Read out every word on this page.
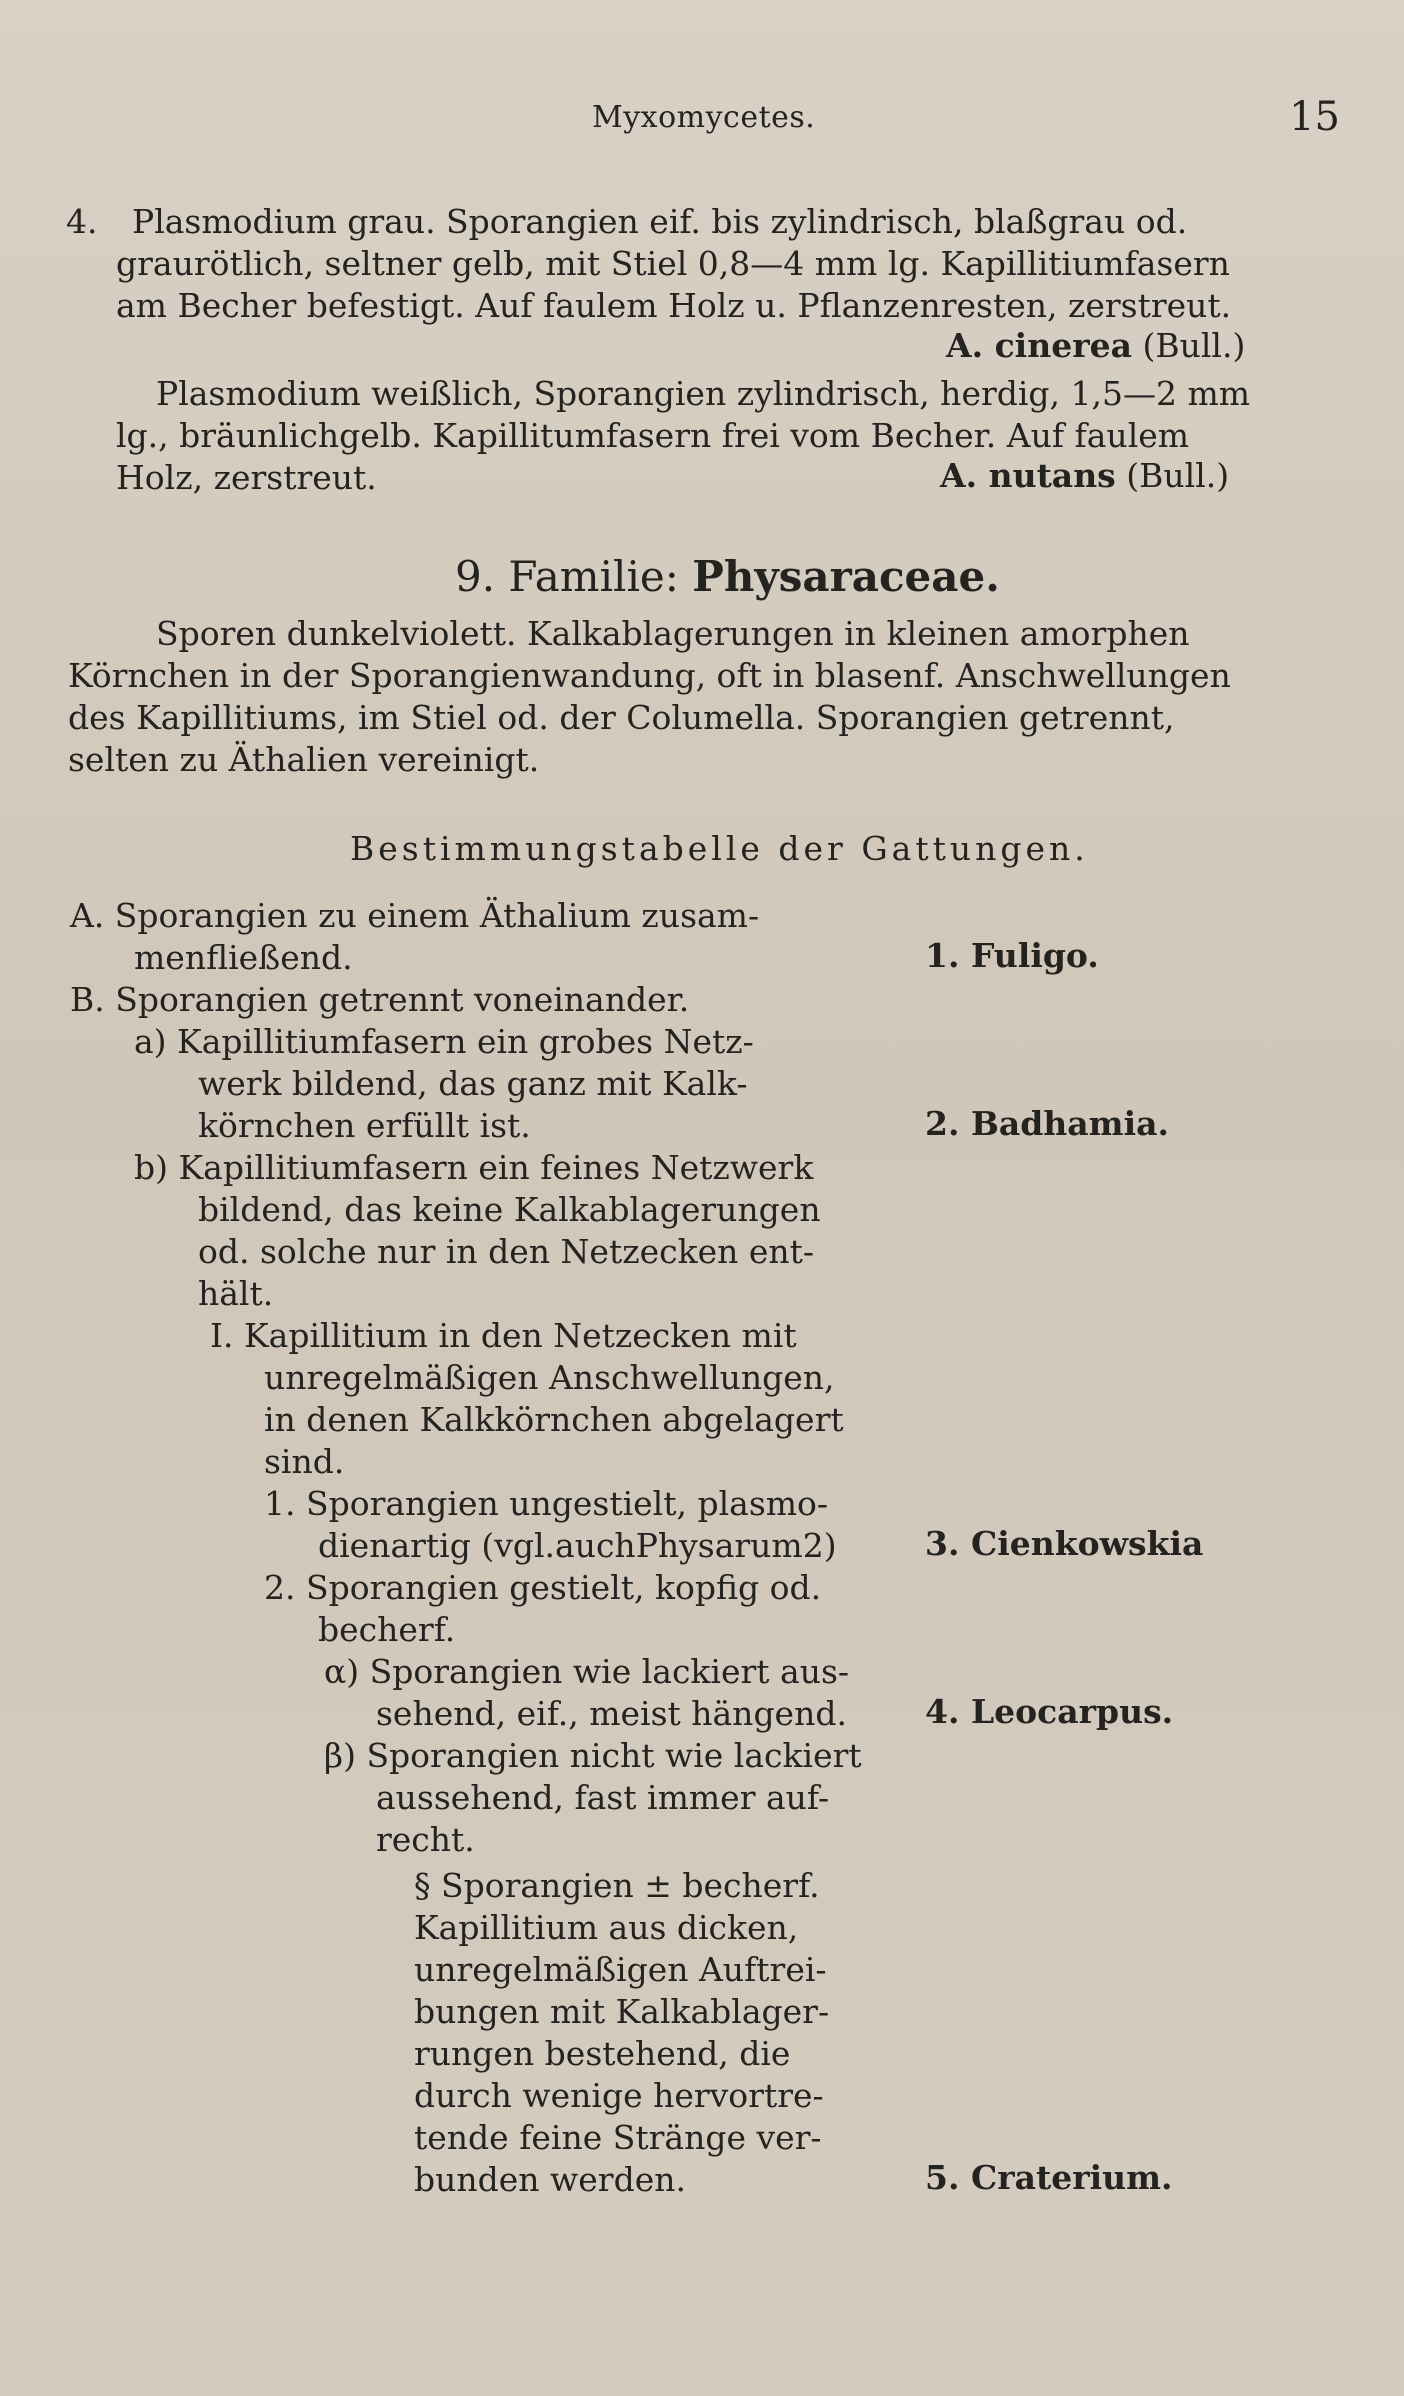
Myxomycetes.	15
4. Plasmodium grau. Sporangien eif. bis zylindrisch, blaßgrau od.
graurötlich, seltner gelb, mit Stiel 0,8—4 mm lg. Kapillitiumfasern
am Becher befestigt. Auf faulem Holz u. Pflanzenresten, zerstreut.
A. cinerea (Bull.)
Plasmodium weißlich, Sporangien zylindrisch, herdig, 1,5—2 mm
lg., bräunlichgelb. Kapillitumfasern frei vom Becher. Auf faulem
Holz, zerstreut.	A. nutans (Bull.)
9. Familie: Physaraceae.
Sporen dunkelviolett. Kalkablagerungen in kleinen amorphen
Körnchen in der Sporangienwandung, oft in blasenf. Anschwellungen
des Kapillitiums, im Stiel od. der Columella. Sporangien getrennt,
selten zu Äthalien vereinigt.
Bestimmungstabelle der Gattungen.
A. Sporangien zu einem Äthalium zusam-
menfließend.
B. Sporangien getrennt voneinander.
a) Kapillitiumfasern ein grobes Netz-
werk bildend, das ganz mit Kalk-
körnchen erfüllt ist.
b) Kapillitiumfasern ein feines Netzwerk
bildend, das keine Kalkablagerungen
od. solche nur in den Netzecken ent-
hält.
I. Kapillitium in den Netzecken mit
unregelmäßigen Anschwellungen,
in denen Kalkkörnchen abgelagert
sind.
1. Sporangien ungestielt, plasmo-
dienartig (vgl.auchPhysarum2)
2. Sporangien gestielt, kopfig od.
becherf.
α) Sporangien wie lackiert aus-
sehend, eif., meist hängend.
β) Sporangien nicht wie lackiert
aussehend, fast immer auf-
recht.
§ Sporangien ± becherf.
Kapillitium aus dicken,
unregelmäßigen Auftrei-
bungen mit Kalkablager-
rungen bestehend, die
durch wenige hervortre-
tende feine Stränge ver-
bunden werden.
1. Fuligo.
2. Badhamia.
3. Cienkowskia
4. Leocarpus.
5. Craterium.
